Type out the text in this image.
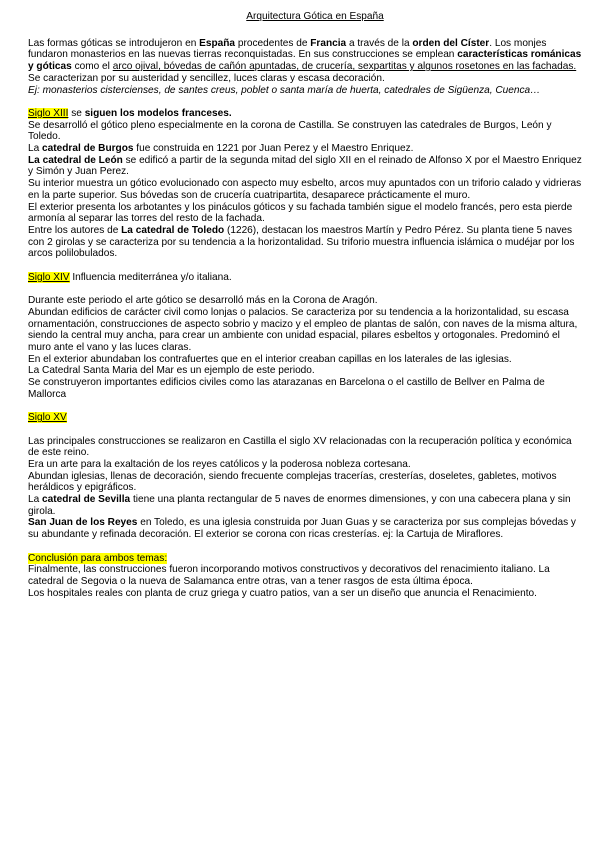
Arquitectura Gótica en España

Las formas góticas se introdujeron en España procedentes de Francia a través de la orden del Císter. Los monjes fundaron monasterios en las nuevas tierras reconquistadas. En sus construcciones se emplean características románicas y góticas como el arco ojival, bóvedas de cañón apuntadas, de crucería, sexpartitas y algunos rosetones en las fachadas.

Se caracterizan por su austeridad y sencillez, luces claras y escasa decoración.

Ej: monasterios cistercienses, de santes creus, poblet o santa maría de huerta, catedrales de Sigüenza, Cuenca…

Siglo XIII se siguen los modelos franceses.

Se desarrolló el gótico pleno especialmente en la corona de Castilla. Se construyen las catedrales de Burgos, León y Toledo.

La catedral de Burgos fue construida en 1221 por Juan Perez y el Maestro Enriquez.

La catedral de León se edificó a partir de la segunda mitad del siglo XII en el reinado de Alfonso X por el Maestro Enriquez y Simón y Juan Perez.

Su interior muestra un gótico evolucionado con aspecto muy esbelto, arcos muy apuntados con un triforio calado y vidrieras en la parte superior. Sus bóvedas son de crucería cuatripartita, desaparece prácticamente el muro.

El exterior presenta los arbotantes y los pináculos góticos y su fachada también sigue el modelo francés, pero esta pierde armonía al separar las torres del resto de la fachada.

Entre los autores de La catedral de Toledo (1226), destacan los maestros Martín y Pedro Pérez. Su planta tiene 5 naves con 2 girolas y se caracteriza por su tendencia a la horizontalidad. Su triforio muestra influencia islámica o mudéjar por los arcos polilobulados.

Siglo XIV Influencia mediterránea y/o italiana.

Durante este periodo el arte gótico se desarrolló más en la Corona de Aragón.

Abundan edificios de carácter civil como lonjas o palacios. Se caracteriza por su tendencia a la horizontalidad, su escasa ornamentación, construcciones de aspecto sobrio y macizo y el empleo de plantas de salón, con naves de la misma altura, siendo la central muy ancha, para crear un ambiente con unidad espacial, pilares esbeltos y ortogonales. Predominó el muro ante el vano y las luces claras.

En el exterior abundaban los contrafuertes que en el interior creaban capillas en los laterales de las iglesias.

La Catedral Santa Maria del Mar es un ejemplo de este periodo.

Se construyeron importantes edificios civiles como las atarazanas en Barcelona o el castillo de Bellver en Palma de Mallorca

Siglo XV

Las principales construcciones se realizaron en Castilla el siglo XV relacionadas con la recuperación política y económica de este reino.

Era un arte para la exaltación de los reyes católicos y la poderosa nobleza cortesana.

Abundan iglesias, llenas de decoración, siendo frecuente complejas tracerías, cresterías, doseletes, gabletes, motivos heráldicos y epigráficos.

La catedral de Sevilla tiene una planta rectangular de 5 naves de enormes dimensiones, y con una cabecera plana y sin girola.

San Juan de los Reyes en Toledo, es una iglesia construida por Juan Guas y se caracteriza por sus complejas bóvedas y su abundante y refinada decoración. El exterior se corona con ricas cresterías. ej: la Cartuja de Miraflores.

Conclusión para ambos temas:

Finalmente, las construcciones fueron incorporando motivos constructivos y decorativos del renacimiento italiano. La catedral de Segovia o la nueva de Salamanca entre otras, van a tener rasgos de esta última época.

Los hospitales reales con planta de cruz griega y cuatro patios, van a ser un diseño que anuncia el Renacimiento.
